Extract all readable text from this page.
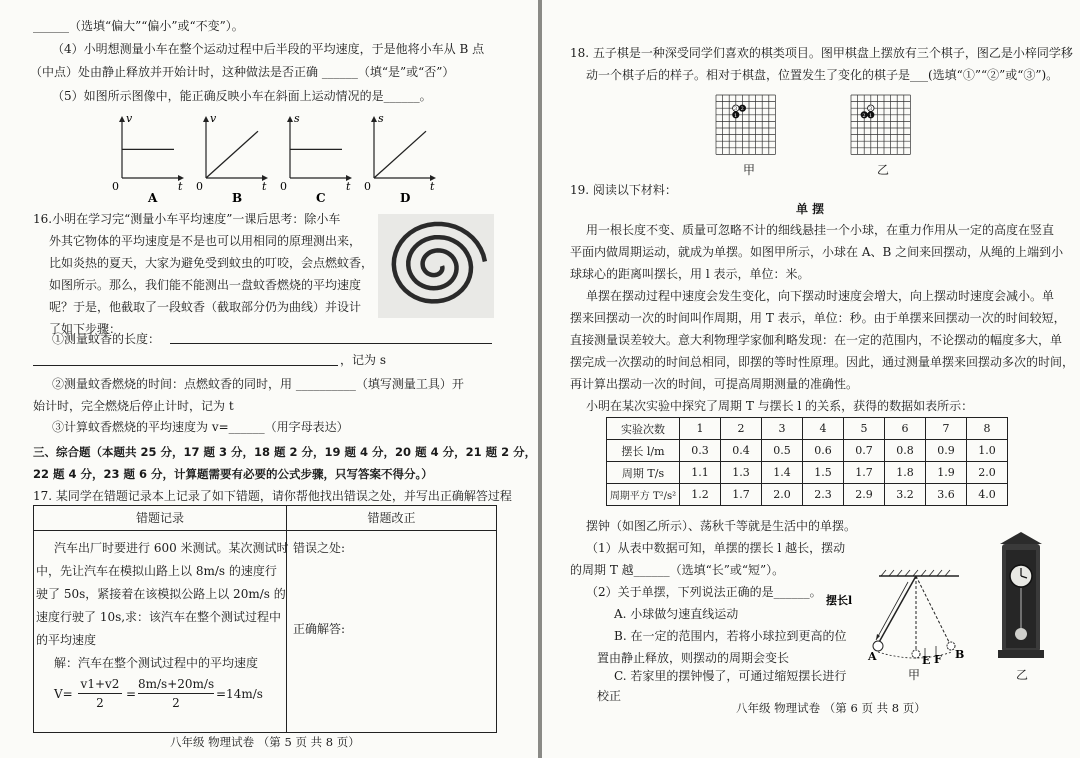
______（选填“偏大”“偏小”或“不变”）。
（4）小明想测量小车在整个运动过程中后半段的平均速度，于是他将小车从 B 点
（中点）处由静止释放并开始计时，这种做法是否正确 ______（填“是”或“否”）
（5）如图所示图像中，能正确反映小车在斜面上运动情况的是______。
v
t
0
A
v
t
0
B
s
t
0
C
s
t
0
D
16.小明在学习完“测量小车平均速度”一课后思考：除小车
外其它物体的平均速度是不是也可以用相同的原理测出来，
比如炎热的夏天，大家为避免受到蚊虫的叮咬，会点燃蚊香，
如图所示。那么，我们能不能测出一盘蚊香燃烧的平均速度
呢？于是，他截取了一段蚊香（截取部分仍为曲线）并设计
了如下步骤：
①测量蚊香的长度：
，记为 s
②测量蚊香燃烧的时间：点燃蚊香的同时，用 __________（填写测量工具）开
始计时，完全燃烧后停止计时，记为 t
③计算蚊香燃烧的平均速度为 v=______（用字母表达）
三、综合题（本题共 25 分，17 题 3 分，18 题 2 分，19 题 4 分，20 题 4 分，21 题 2 分，
22 题 4 分，23 题 6 分，计算题需要有必要的公式步骤，只写答案不得分。）
17. 某同学在错题记录本上记录了如下错题，请你帮他找出错误之处，并写出正确解答过程
错题记录	错题改正
汽车出厂时要进行 600 米测试。某次测试时
中，先让汽车在模拟山路上以 8m/s 的速度行
驶了 50s，紧接着在该模拟公路上以 20m/s 的
速度行驶了 10s,求：该汽车在整个测试过程中
的平均速度
解：汽车在整个测试过程中的平均速度
错误之处:
正确解答:
V=
v1+v2
2
=
8m/s+20m/s
2
=14m/s
八年级 物理试卷 （第 5 页 共 8 页）
18. 五子棋是一种深受同学们喜欢的棋类项目。图甲棋盘上摆放有三个棋子，图乙是小梓同学移
动一个棋子后的样子。相对于棋盘，位置发生了变化的棋子是___(选填“①”“②”或“③”)。
1
2
3
1
2
3
甲	乙
19. 阅读以下材料：
单 摆
用一根长度不变、质量可忽略不计的细线悬挂一个小球，在重力作用从一定的高度在竖直
平面内做周期运动，就成为单摆。如图甲所示，小球在 A、B 之间来回摆动，从绳的上端到小
球球心的距离叫摆长，用 l 表示，单位：米。
单摆在摆动过程中速度会发生变化，向下摆动时速度会增大，向上摆动时速度会减小。单
摆来回摆动一次的时间叫作周期，用 T 表示，单位：秒。由于单摆来回摆动一次的时间较短，
直接测量误差较大。意大利物理学家伽利略发现：在一定的范围内，不论摆动的幅度多大，单
摆完成一次摆动的时间总相同，即摆的等时性原理。因此，通过测量单摆来回摆动多次的时间，
再计算出摆动一次的时间，可提高周期测量的准确性。
小明在某次实验中探究了周期 T 与摆长 l 的关系，获得的数据如表所示：
实验次数	1	2	3	4	5	6	7	8
摆长 l/m	0.3	0.4	0.5	0.6	0.7	0.8	0.9	1.0
周期 T/s	1.1	1.3	1.4	1.5	1.7	1.8	1.9	2.0
周期平方 T²/s²	1.2	1.7	2.0	2.3	2.9	3.2	3.6	4.0
摆钟（如图乙所示）、荡秋千等就是生活中的单摆。
（1）从表中数据可知，单摆的摆长 l 越长，摆动
的周期 T 越______（选填“长”或“短”）。
（2）关于单摆，下列说法正确的是______。
A. 小球做匀速直线运动
B. 在一定的范围内，若将小球拉到更高的位
置由静止释放，则摆动的周期会变长
C. 若家里的摆钟慢了，可通过缩短摆长进行
校正
摆长l
A	E F B
甲	乙
八年级 物理试卷 （第 6 页 共 8 页）
